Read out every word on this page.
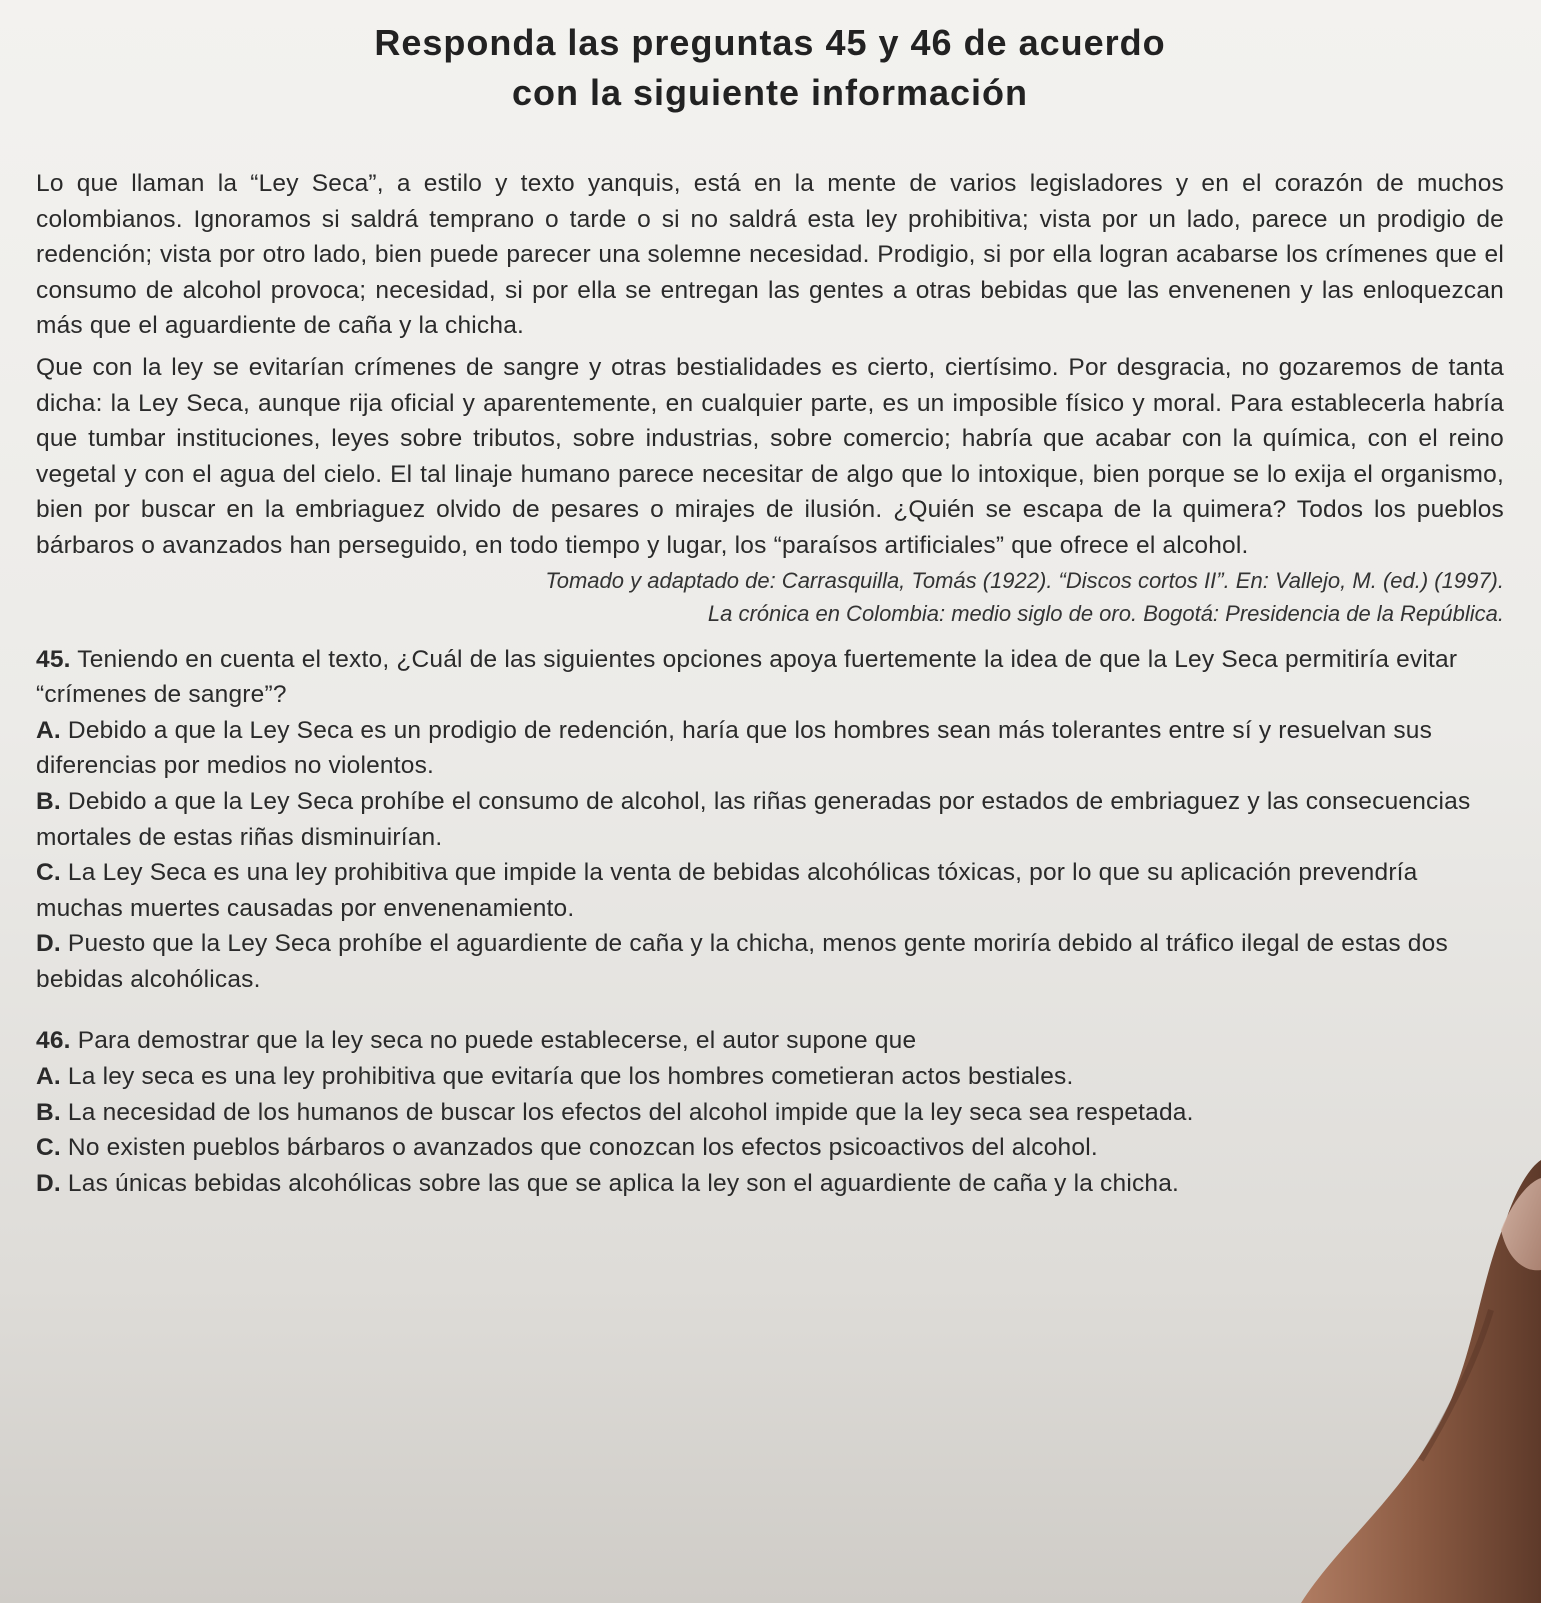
Responda las preguntas 45 y 46 de acuerdo
con la siguiente información

Lo que llaman la “Ley Seca”, a estilo y texto yanquis, está en la mente de varios legisladores y en el corazón de muchos colombianos. Ignoramos si saldrá temprano o tarde o si no saldrá esta ley prohibitiva; vista por un lado, parece un prodigio de redención; vista por otro lado, bien puede parecer una solemne necesidad. Prodigio, si por ella logran acabarse los crímenes que el consumo de alcohol provoca; necesidad, si por ella se entregan las gentes a otras bebidas que las envenenen y las enloquezcan más que el aguardiente de caña y la chicha.

Que con la ley se evitarían crímenes de sangre y otras bestialidades es cierto, ciertísimo. Por desgracia, no gozaremos de tanta dicha: la Ley Seca, aunque rija oficial y aparentemente, en cualquier parte, es un imposible físico y moral. Para establecerla habría que tumbar instituciones, leyes sobre tributos, sobre industrias, sobre comercio; habría que acabar con la química, con el reino vegetal y con el agua del cielo. El tal linaje humano parece necesitar de algo que lo intoxique, bien porque se lo exija el organismo, bien por buscar en la embriaguez olvido de pesares o mirajes de ilusión. ¿Quién se escapa de la quimera? Todos los pueblos bárbaros o avanzados han perseguido, en todo tiempo y lugar, los “paraísos artificiales” que ofrece el alcohol.

Tomado y adaptado de: Carrasquilla, Tomás (1922). “Discos cortos II”. En: Vallejo, M. (ed.) (1997).
La crónica en Colombia: medio siglo de oro. Bogotá: Presidencia de la República.

45. Teniendo en cuenta el texto, ¿Cuál de las siguientes opciones apoya fuertemente la idea de que la Ley Seca permitiría evitar “crímenes de sangre”?

A. Debido a que la Ley Seca es un prodigio de redención, haría que los hombres sean más tolerantes entre sí y resuelvan sus diferencias por medios no violentos.

B. Debido a que la Ley Seca prohíbe el consumo de alcohol, las riñas generadas por estados de embriaguez y las consecuencias mortales de estas riñas disminuirían.

C. La Ley Seca es una ley prohibitiva que impide la venta de bebidas alcohólicas tóxicas, por lo que su aplicación prevendría muchas muertes causadas por envenenamiento.

D. Puesto que la Ley Seca prohíbe el aguardiente de caña y la chicha, menos gente moriría debido al tráfico ilegal de estas dos bebidas alcohólicas.

46. Para demostrar que la ley seca no puede establecerse, el autor supone que

A. La ley seca es una ley prohibitiva que evitaría que los hombres cometieran actos bestiales.

B. La necesidad de los humanos de buscar los efectos del alcohol impide que la ley seca sea respetada.

C. No existen pueblos bárbaros o avanzados que conozcan los efectos psicoactivos del alcohol.

D. Las únicas bebidas alcohólicas sobre las que se aplica la ley son el aguardiente de caña y la chicha.
